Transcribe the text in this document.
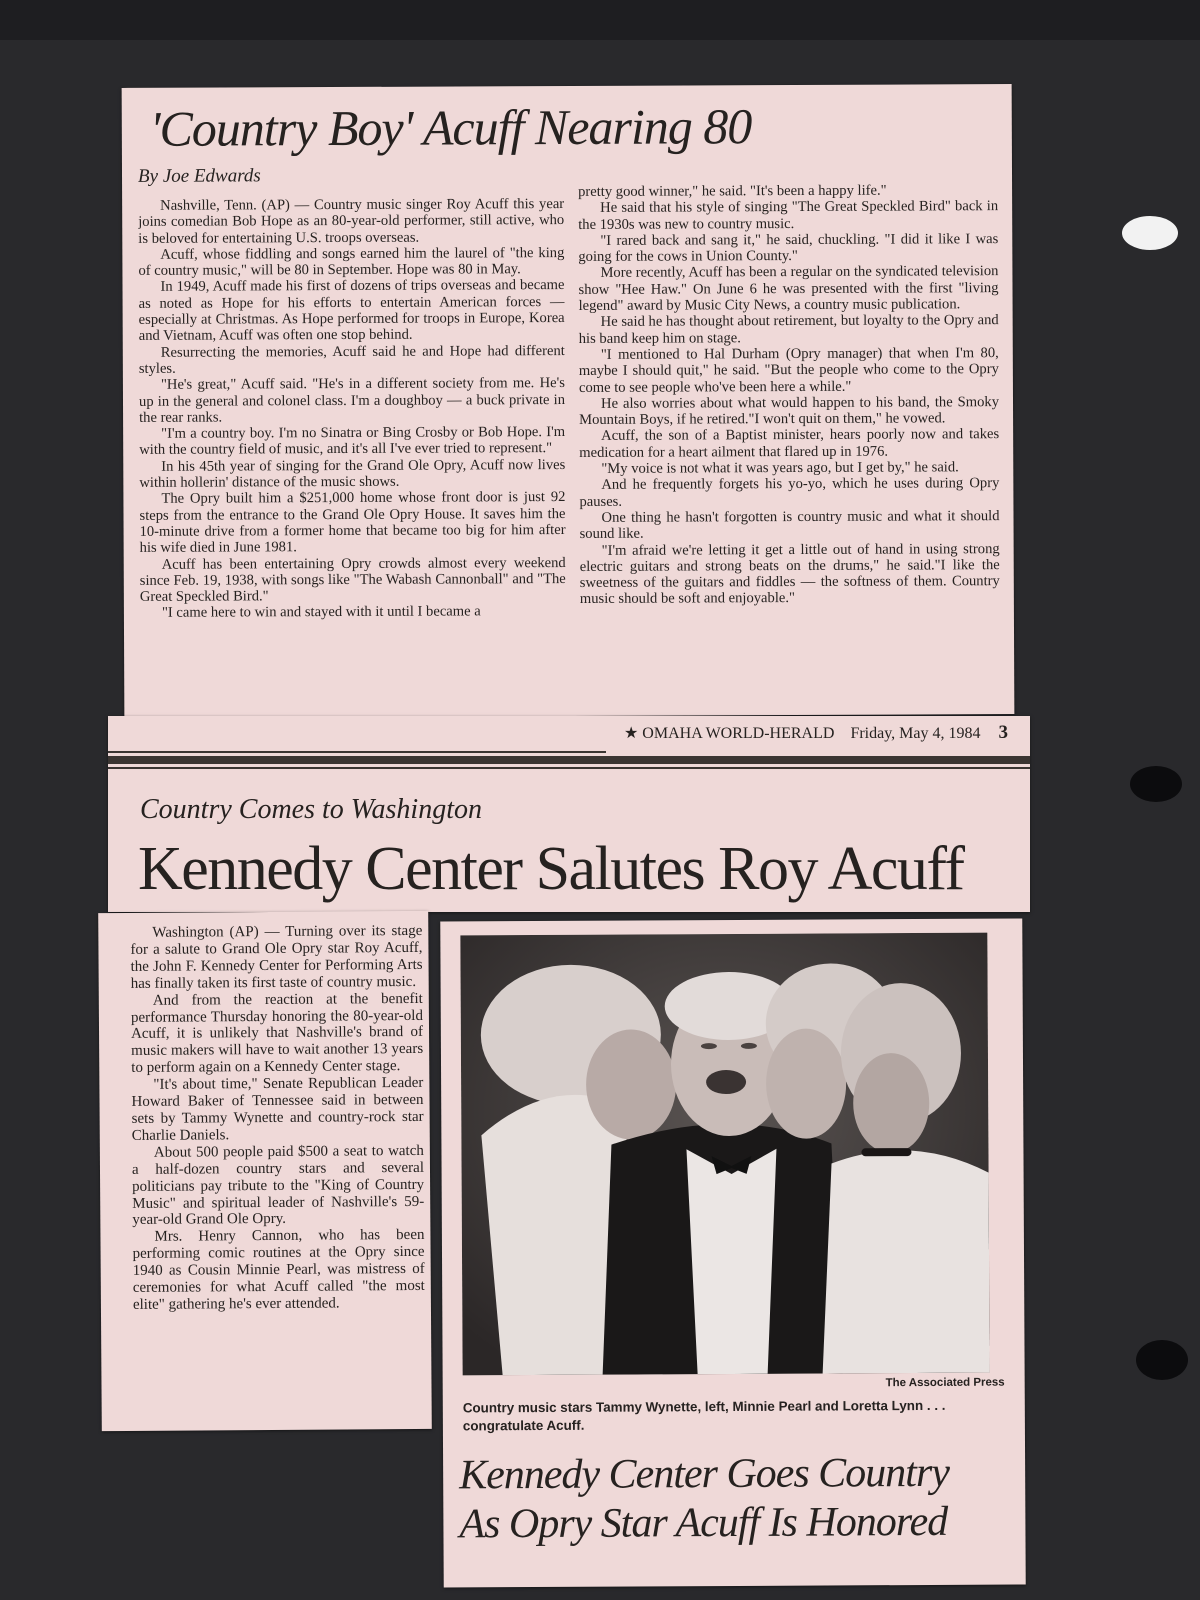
'Country Boy' Acuff Nearing 80
By Joe Edwards

Nashville, Tenn. (AP) — Country music singer Roy Acuff this year joins comedian Bob Hope as an 80-year-old performer, still active, who is beloved for entertaining U.S. troops overseas.

Acuff, whose fiddling and songs earned him the laurel of "the king of country music," will be 80 in September. Hope was 80 in May.

In 1949, Acuff made his first of dozens of trips overseas and became as noted as Hope for his efforts to entertain American forces — especially at Christmas. As Hope performed for troops in Europe, Korea and Vietnam, Acuff was often one stop behind.

Resurrecting the memories, Acuff said he and Hope had different styles.

"He's great," Acuff said. "He's in a different society from me. He's up in the general and colonel class. I'm a doughboy — a buck private in the rear ranks.

"I'm a country boy. I'm no Sinatra or Bing Crosby or Bob Hope. I'm with the country field of music, and it's all I've ever tried to represent."

In his 45th year of singing for the Grand Ole Opry, Acuff now lives within hollerin' distance of the music shows.

The Opry built him a $251,000 home whose front door is just 92 steps from the entrance to the Grand Ole Opry House. It saves him the 10-minute drive from a former home that became too big for him after his wife died in June 1981.

Acuff has been entertaining Opry crowds almost every weekend since Feb. 19, 1938, with songs like "The Wabash Cannonball" and "The Great Speckled Bird."

"I came here to win and stayed with it until I became a

pretty good winner," he said. "It's been a happy life."

He said that his style of singing "The Great Speckled Bird" back in the 1930s was new to country music.

"I rared back and sang it," he said, chuckling. "I did it like I was going for the cows in Union County."

More recently, Acuff has been a regular on the syndicated television show "Hee Haw." On June 6 he was presented with the first "living legend" award by Music City News, a country music publication.

He said he has thought about retirement, but loyalty to the Opry and his band keep him on stage.

"I mentioned to Hal Durham (Opry manager) that when I'm 80, maybe I should quit," he said. "But the people who come to the Opry come to see people who've been here a while."

He also worries about what would happen to his band, the Smoky Mountain Boys, if he retired."I won't quit on them," he vowed.

Acuff, the son of a Baptist minister, hears poorly now and takes medication for a heart ailment that flared up in 1976.

"My voice is not what it was years ago, but I get by," he said.

And he frequently forgets his yo-yo, which he uses during Opry pauses.

One thing he hasn't forgotten is country music and what it should sound like.

"I'm afraid we're letting it get a little out of hand in using strong electric guitars and strong beats on the drums," he said."I like the sweetness of the guitars and fiddles — the softness of them. Country music should be soft and enjoyable."

★ OMAHA WORLD-HERALD Friday, May 4, 1984 3
Country Comes to Washington
Kennedy Center Salutes Roy Acuff

Washington (AP) — Turning over its stage for a salute to Grand Ole Opry star Roy Acuff, the John F. Kennedy Center for Performing Arts has finally taken its first taste of country music.

And from the reaction at the benefit performance Thursday honoring the 80-year-old Acuff, it is unlikely that Nashville's brand of music makers will have to wait another 13 years to perform again on a Kennedy Center stage.

"It's about time," Senate Republican Leader Howard Baker of Tennessee said in between sets by Tammy Wynette and country-rock star Charlie Daniels.

About 500 people paid $500 a seat to watch a half-dozen country stars and several politicians pay tribute to the "King of Country Music" and spiritual leader of Nashville's 59-year-old Grand Ole Opry.

Mrs. Henry Cannon, who has been performing comic routines at the Opry since 1940 as Cousin Minnie Pearl, was mistress of ceremonies for what Acuff called "the most elite" gathering he's ever attended.

The Associated Press
Country music stars Tammy Wynette, left, Minnie Pearl and Loretta Lynn . . . congratulate Acuff.
Kennedy Center Goes Country
As Opry Star Acuff Is Honored
